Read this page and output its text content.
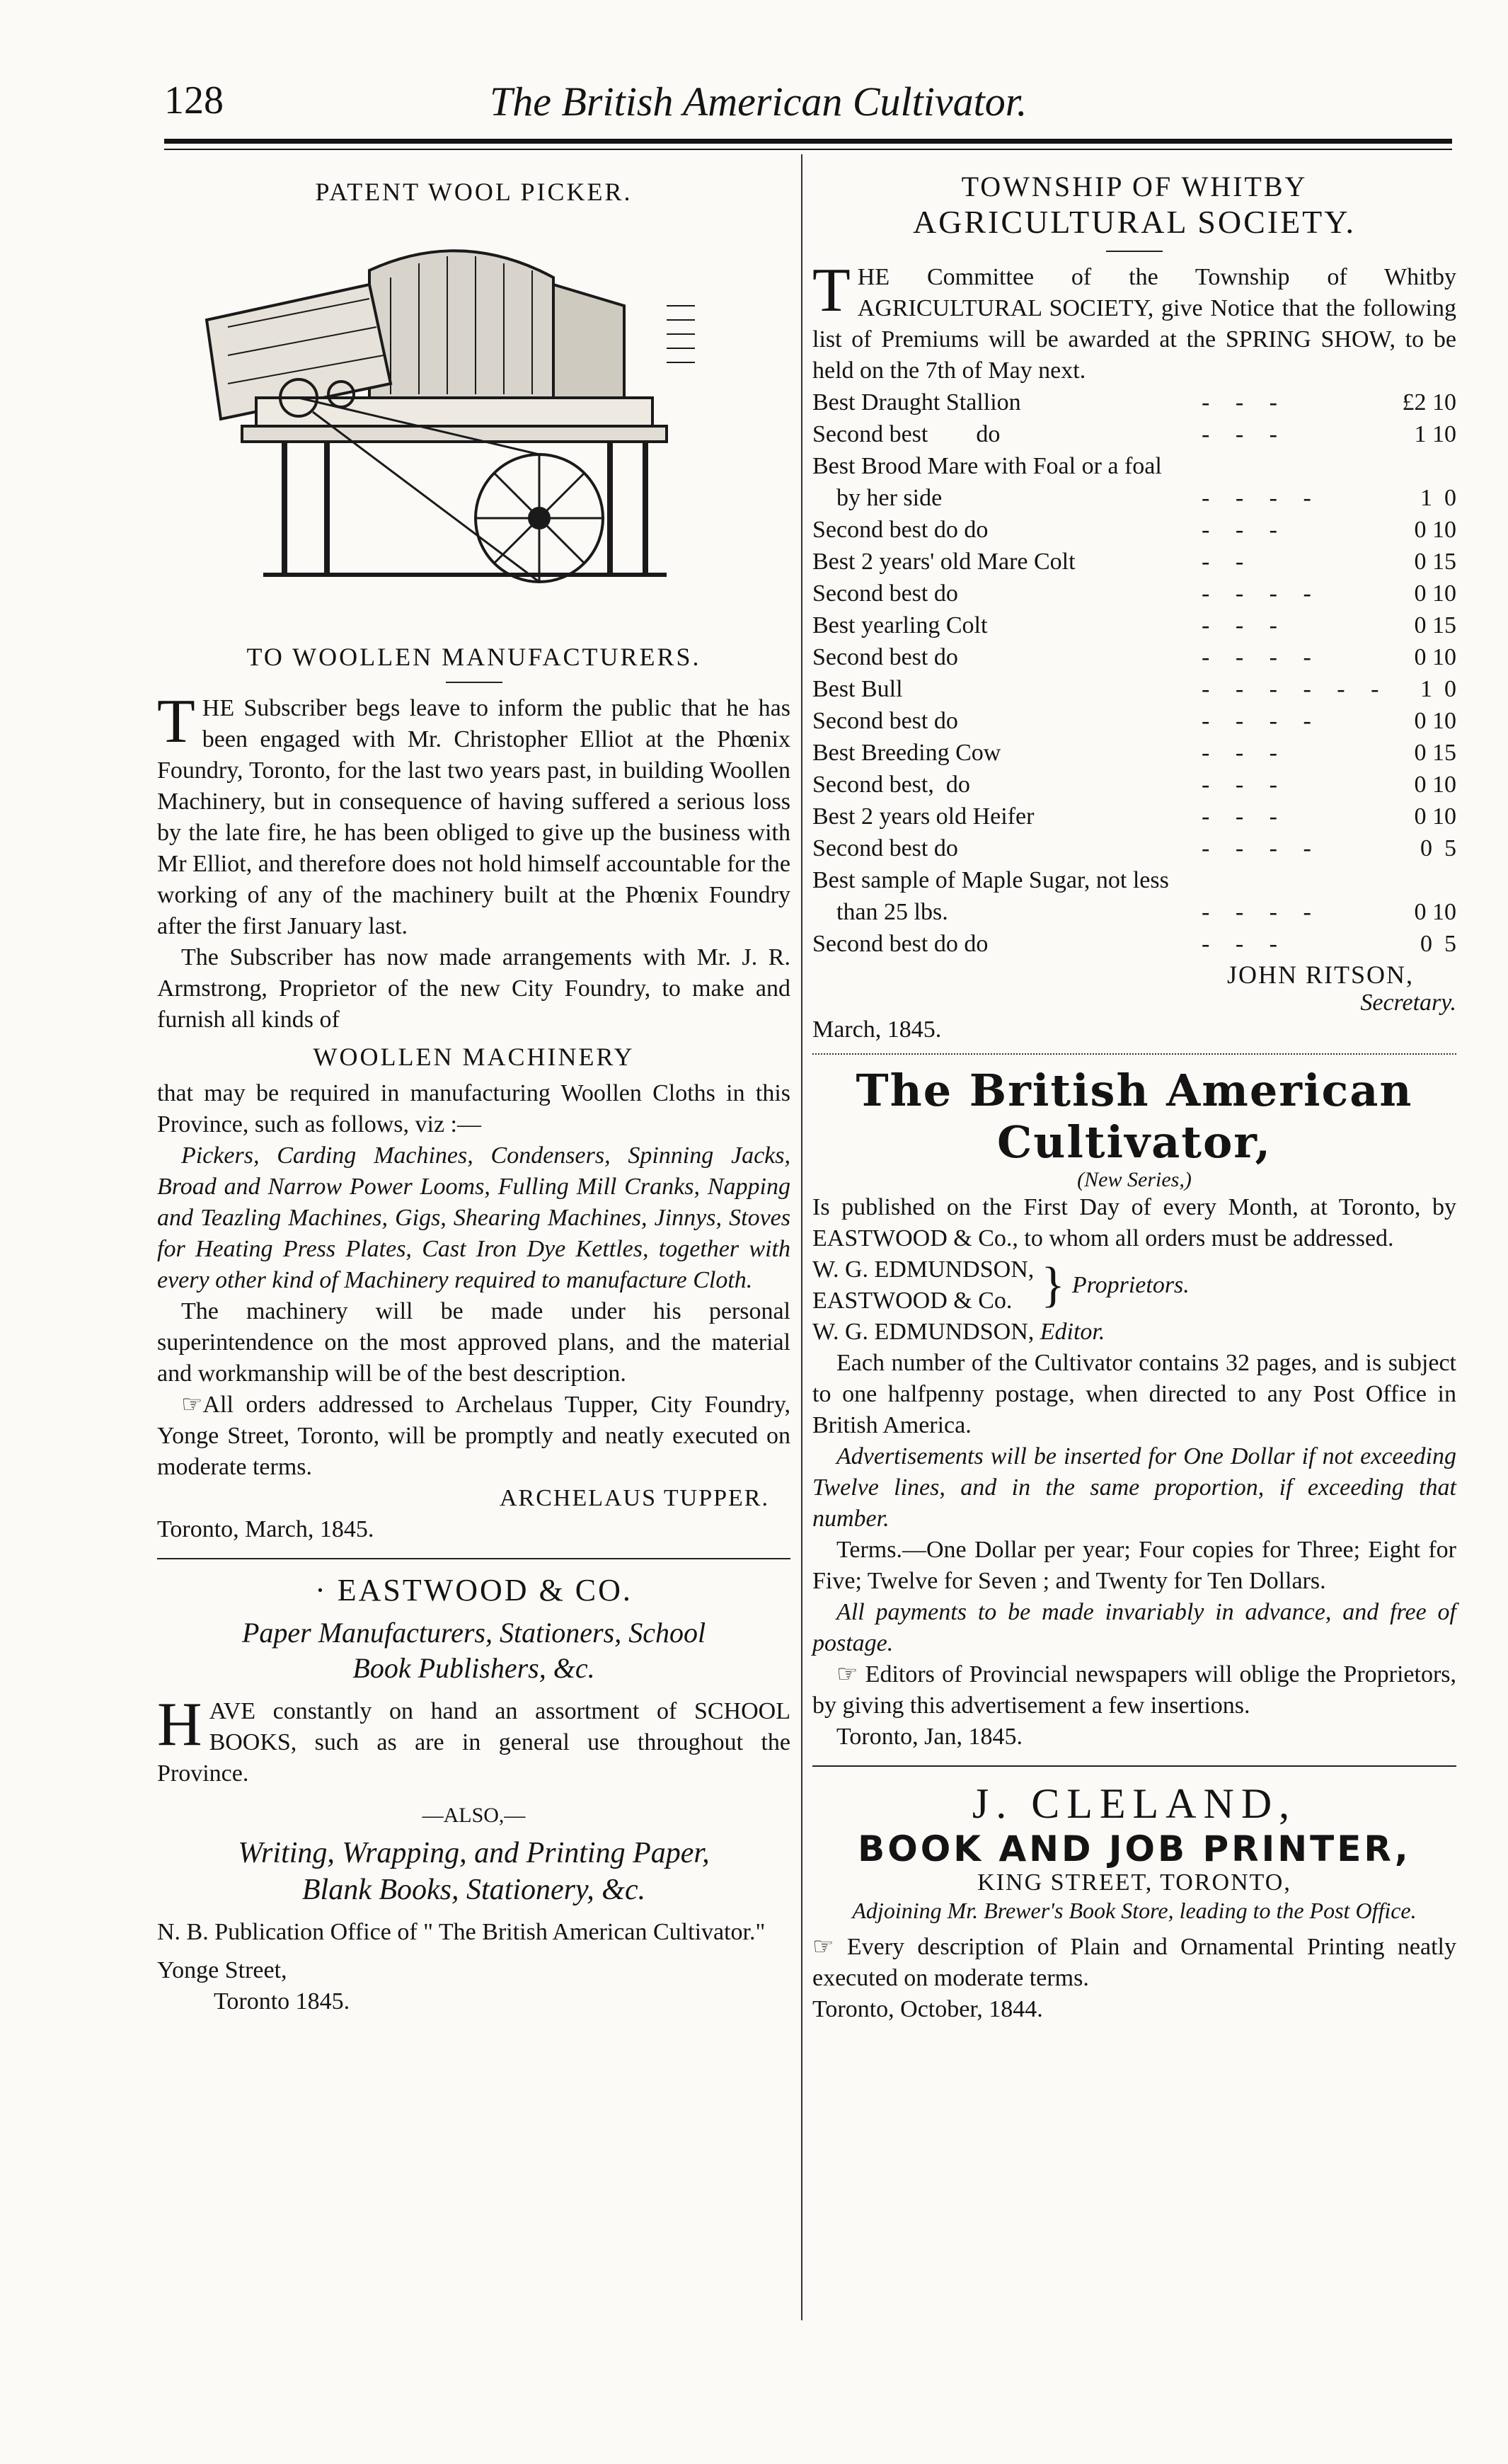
128	The British American Cultivator.
PATENT WOOL PICKER.
TO WOOLLEN MANUFACTURERS.

THE Subscriber begs leave to inform the public that he has been engaged with Mr. Christopher Elliot at the Phœnix Foundry, Toronto, for the last two years past, in building Woollen Machinery, but in consequence of having suffered a serious loss by the late fire, he has been obliged to give up the business with Mr Elliot, and therefore does not hold himself accountable for the working of any of the machinery built at the Phœnix Foundry after the first January last.

The Subscriber has now made arrangements with Mr. J. R. Armstrong, Proprietor of the new City Foundry, to make and furnish all kinds of

WOOLLEN MACHINERY

that may be required in manufacturing Woollen Cloths in this Province, such as follows, viz :—

Pickers, Carding Machines, Condensers, Spinning Jacks, Broad and Narrow Power Looms, Fulling Mill Cranks, Napping and Teazling Machines, Gigs, Shearing Machines, Jinnys, Stoves for Heating Press Plates, Cast Iron Dye Kettles, together with every other kind of Machinery required to manufacture Cloth.

The machinery will be made under his personal superintendence on the most approved plans, and the material and workmanship will be of the best description.

☞All orders addressed to Archelaus Tupper, City Foundry, Yonge Street, Toronto, will be promptly and neatly executed on moderate terms.

ARCHELAUS TUPPER.
Toronto, March, 1845.
· EASTWOOD & CO.
Paper Manufacturers, Stationers, School
Book Publishers, &c.

HAVE constantly on hand an assortment of SCHOOL BOOKS, such as are in general use throughout the Province.

—ALSO,—
Writing, Wrapping, and Printing Paper,
Blank Books, Stationery, &c.
N. B. Publication Office of " The British American Cultivator."
Yonge Street,
Toronto 1845.
TOWNSHIP OF WHITBY
AGRICULTURAL SOCIETY.

THE Committee of the Township of Whitby AGRICULTURAL SOCIETY, give Notice that the following list of Premiums will be awarded at the SPRING SHOW, to be held on the 7th of May next.

Best Draught Stallion	- - -	£2 10
Second best        do	- - -	1 10
Best Brood Mare with Foal or a foal
by her side	- - - -	1  0
Second best do do	- - -	0 10
Best 2 years' old Mare Colt	- -	0 15
Second best do	- - - -	0 10
Best yearling Colt	- - -	0 15
Second best do	- - - -	0 10
Best Bull	- - - - - -	1  0
Second best do	- - - -	0 10
Best Breeding Cow	- - -	0 15
Second best,  do	- - -	0 10
Best 2 years old Heifer	- - -	0 10
Second best do	- - - -	0  5
Best sample of Maple Sugar, not less
than 25 lbs.	- - - -	0 10
Second best do do	- - -	0  5
JOHN RITSON,
Secretary.
March, 1845.
The British American Cultivator,
(New Series,)

Is published on the First Day of every Month, at Toronto, by EASTWOOD & Co., to whom all orders must be addressed.

W. G. EDMUNDSON,
EASTWOOD & Co. } Proprietors.
W. G. EDMUNDSON, Editor.

Each number of the Cultivator contains 32 pages, and is subject to one halfpenny postage, when directed to any Post Office in British America.

Advertisements will be inserted for One Dollar if not exceeding Twelve lines, and in the same proportion, if exceeding that number.

Terms.—One Dollar per year; Four copies for Three; Eight for Five; Twelve for Seven ; and Twenty for Ten Dollars.

All payments to be made invariably in advance, and free of postage.

☞ Editors of Provincial newspapers will oblige the Proprietors, by giving this advertisement a few insertions.

Toronto, Jan, 1845.
J. CLELAND,
BOOK AND JOB PRINTER,
KING STREET, TORONTO,
Adjoining Mr. Brewer's Book Store, leading to the Post Office.
☞ Every description of Plain and Ornamental Printing neatly executed on moderate terms.
Toronto, October, 1844.
